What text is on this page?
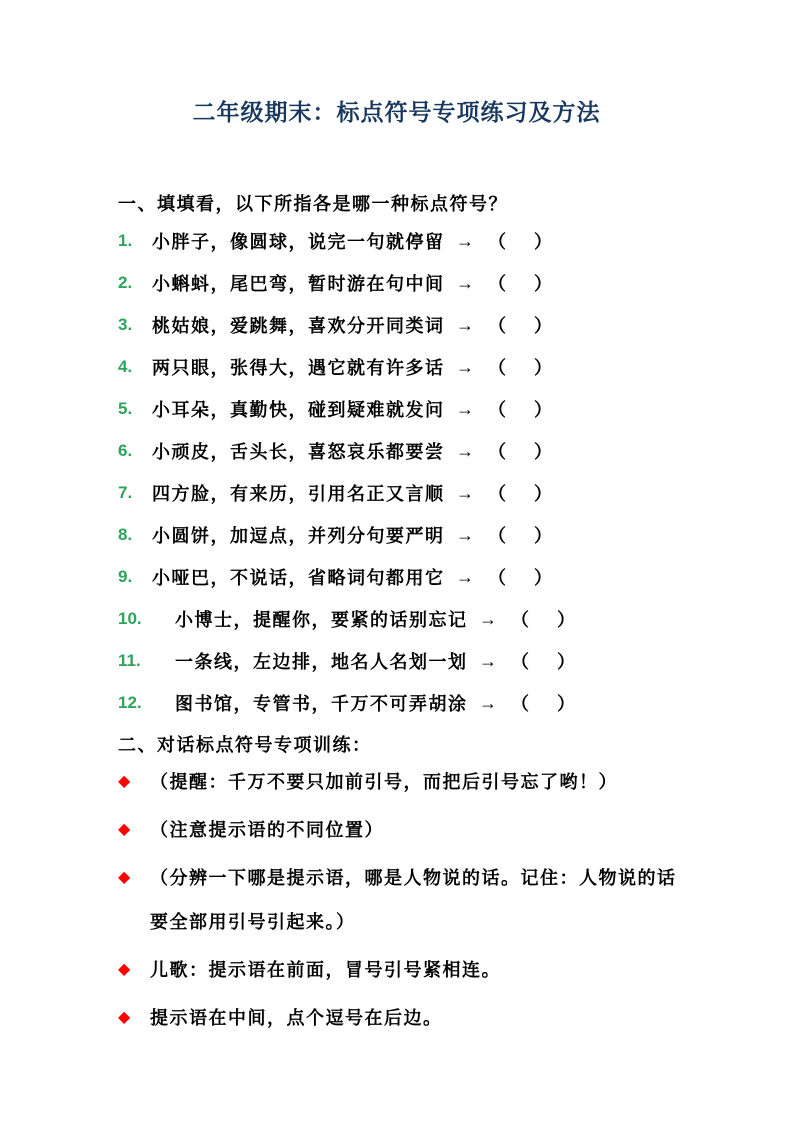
二年级期末：标点符号专项练习及方法
一、填填看，以下所指各是哪一种标点符号？
1.	小胖子，像圆球，说完一句就停留 → （ ）
2.	小蝌蚪，尾巴弯，暂时游在句中间 → （ ）
3.	桃姑娘，爱跳舞，喜欢分开同类词 → （ ）
4.	两只眼，张得大，遇它就有许多话 → （ ）
5.	小耳朵，真勤快，碰到疑难就发问 → （ ）
6.	小顽皮，舌头长，喜怒哀乐都要尝 → （ ）
7.	四方脸，有来历，引用名正又言顺 → （ ）
8.	小圆饼，加逗点，并列分句要严明 → （ ）
9.	小哑巴，不说话，省略词句都用它 → （ ）
10.	小博士，提醒你，要紧的话别忘记 → （ ）
11.	一条线，左边排，地名人名划一划 → （ ）
12.	图书馆，专管书，千万不可弄胡涂 → （ ）
二、对话标点符号专项训练：
◆	（提醒：千万不要只加前引号，而把后引号忘了哟！）
◆	（注意提示语的不同位置）
◆	（分辨一下哪是提示语，哪是人物说的话。记住：人物说的话要全部用引号引起来。）
◆	儿歌：提示语在前面，冒号引号紧相连。
◆	提示语在中间，点个逗号在后边。
